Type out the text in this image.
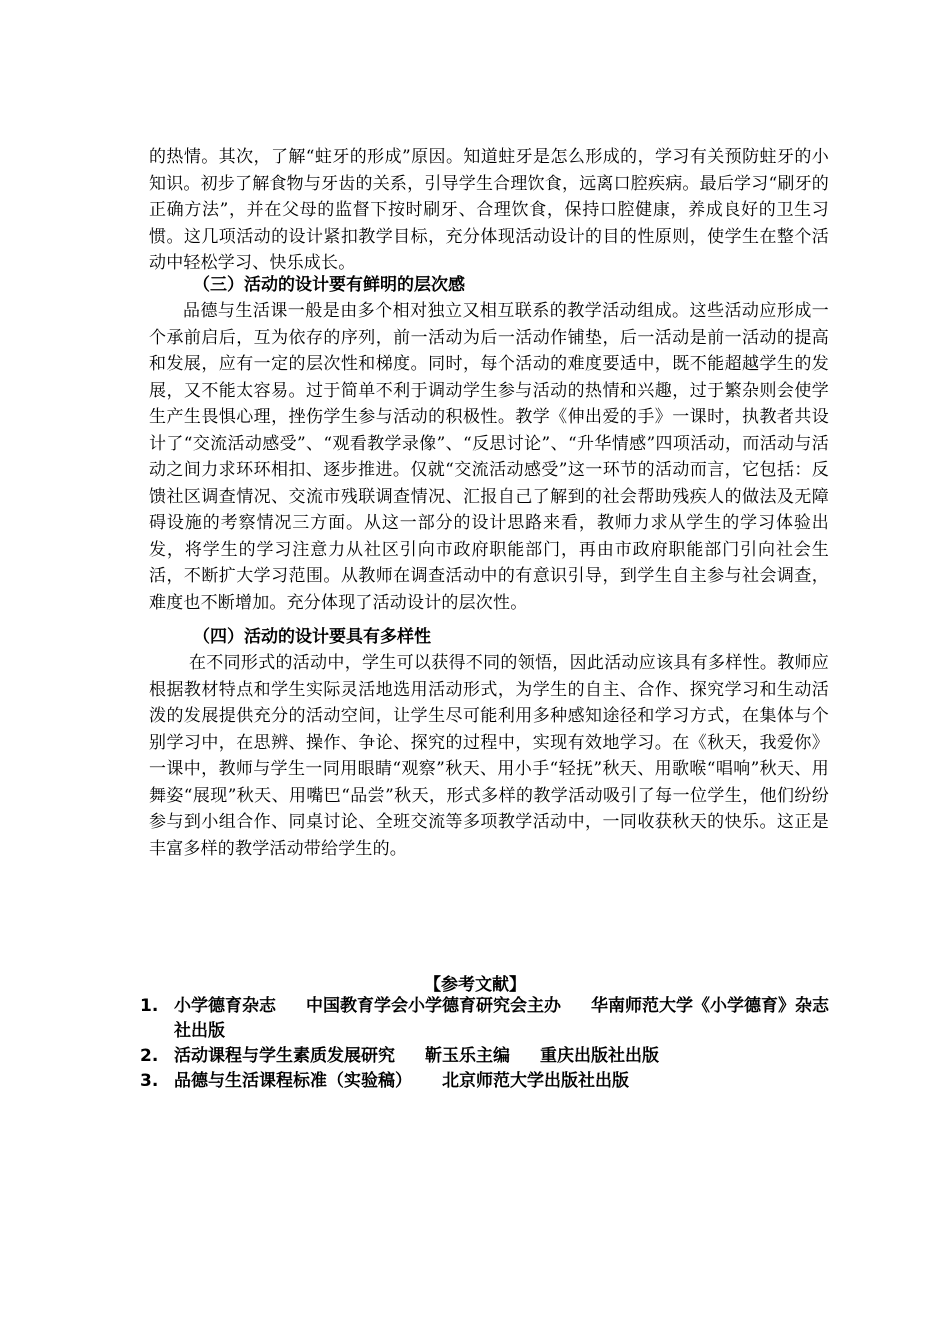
的热情。其次，了解“蛀牙的形成”原因。知道蛀牙是怎么形成的，学习有关预防蛀牙的小知识。初步了解食物与牙齿的关系，引导学生合理饮食，远离口腔疾病。最后学习“刷牙的正确方法”，并在父母的监督下按时刷牙、合理饮食，保持口腔健康，养成良好的卫生习惯。这几项活动的设计紧扣教学目标，充分体现活动设计的目的性原则，使学生在整个活动中轻松学习、快乐成长。
（三）活动的设计要有鲜明的层次感
品德与生活课一般是由多个相对独立又相互联系的教学活动组成。这些活动应形成一个承前启后，互为依存的序列，前一活动为后一活动作铺垫，后一活动是前一活动的提高和发展，应有一定的层次性和梯度。同时，每个活动的难度要适中，既不能超越学生的发展，又不能太容易。过于简单不利于调动学生参与活动的热情和兴趣，过于繁杂则会使学生产生畏惧心理，挫伤学生参与活动的积极性。教学《伸出爱的手》一课时，执教者共设计了“交流活动感受”、“观看教学录像”、“反思讨论”、“升华情感”四项活动，而活动与活动之间力求环环相扣、逐步推进。仅就“交流活动感受”这一环节的活动而言，它包括：反馈社区调查情况、交流市残联调查情况、汇报自己了解到的社会帮助残疾人的做法及无障碍设施的考察情况三方面。从这一部分的设计思路来看，教师力求从学生的学习体验出发，将学生的学习注意力从社区引向市政府职能部门，再由市政府职能部门引向社会生活，不断扩大学习范围。从教师在调查活动中的有意识引导，到学生自主参与社会调查，难度也不断增加。充分体现了活动设计的层次性。
（四）活动的设计要具有多样性
在不同形式的活动中，学生可以获得不同的领悟，因此活动应该具有多样性。教师应根据教材特点和学生实际灵活地选用活动形式，为学生的自主、合作、探究学习和生动活泼的发展提供充分的活动空间，让学生尽可能利用多种感知途径和学习方式，在集体与个别学习中，在思辨、操作、争论、探究的过程中，实现有效地学习。在《秋天，我爱你》一课中，教师与学生一同用眼睛“观察”秋天、用小手“轻抚”秋天、用歌喉“唱响”秋天、用舞姿“展现”秋天、用嘴巴“品尝”秋天，形式多样的教学活动吸引了每一位学生，他们纷纷参与到小组合作、同桌讨论、全班交流等多项教学活动中，一同收获秋天的快乐。这正是丰富多样的教学活动带给学生的。
【参考文献】
1. 小学德育杂志 中国教育学会小学德育研究会主办 华南师范大学《小学德育》杂志社出版
2. 活动课程与学生素质发展研究 靳玉乐主编 重庆出版社出版
3. 品德与生活课程标准（实验稿） 北京师范大学出版社出版
